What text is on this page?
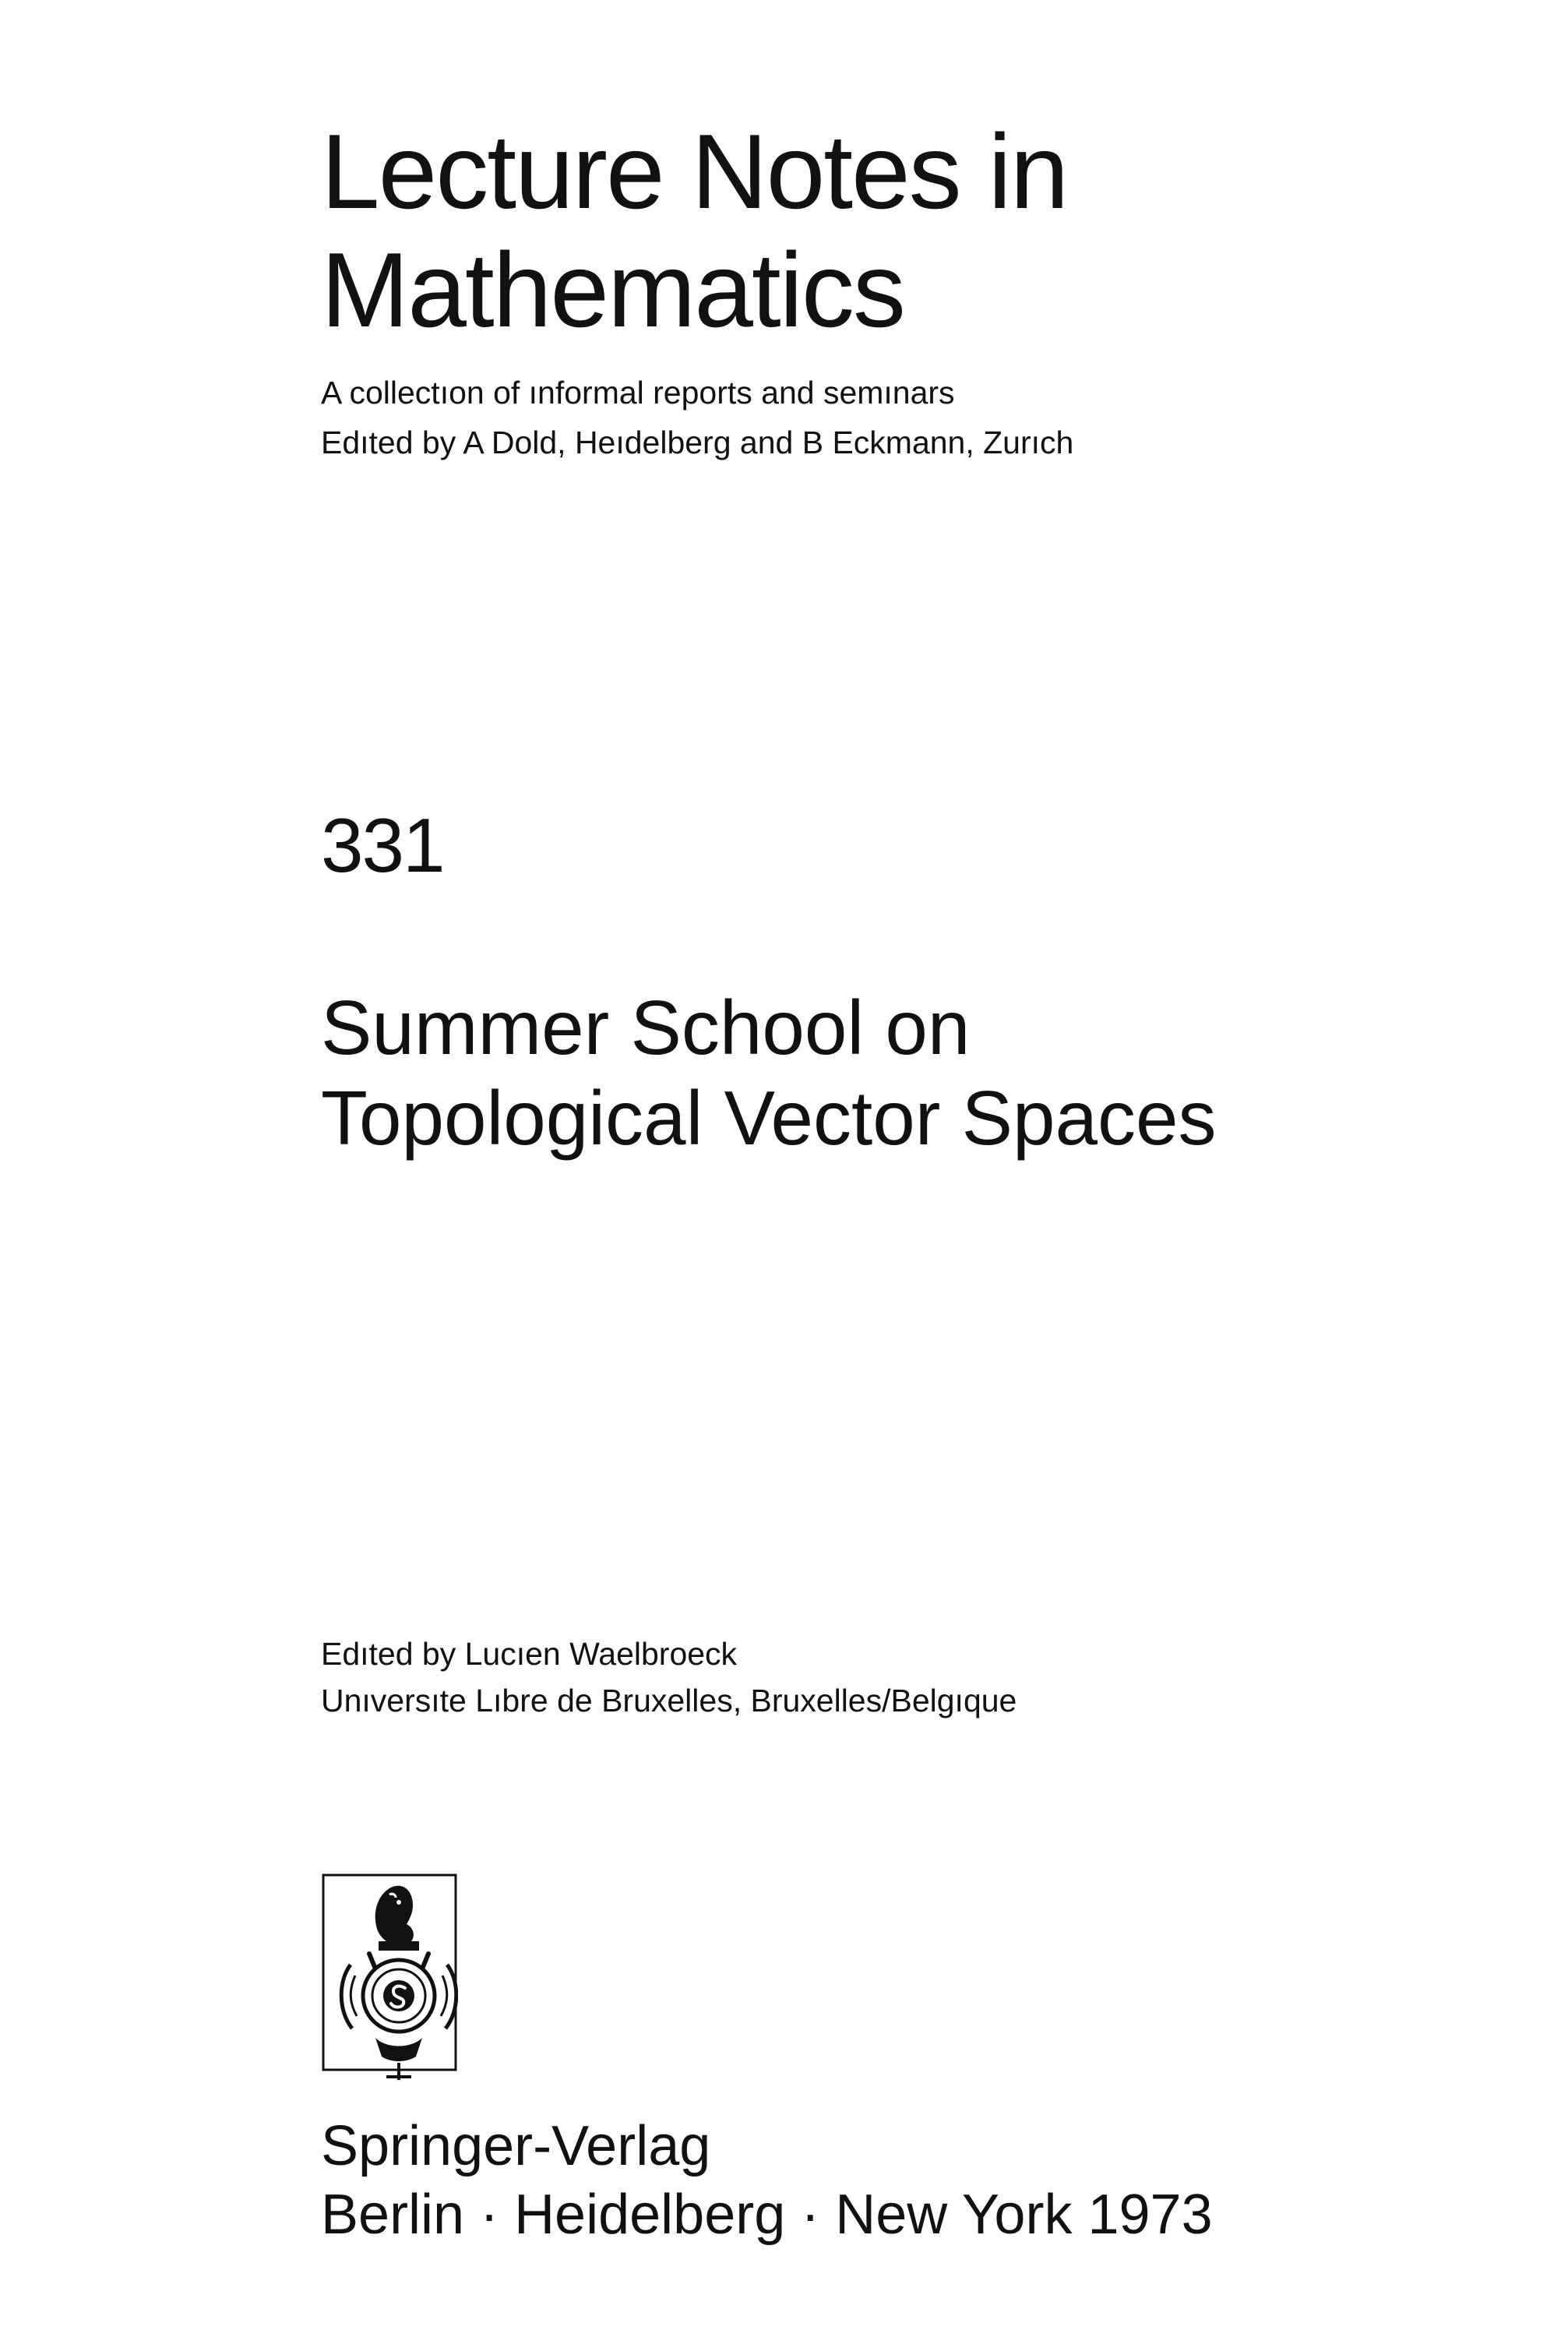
Lecture Notes in
Mathematics
A collectıon of ınformal reports and semınars
Edıted by A Dold, Heıdelberg and B Eckmann, Zurıch
331
Summer School on
Topological Vector Spaces
Edıted by Lucıen Waelbroeck
Unıversıte Lıbre de Bruxelles, Bruxelles/Belgıque
Springer-Verlag
Berlin · Heidelberg · New York 1973
